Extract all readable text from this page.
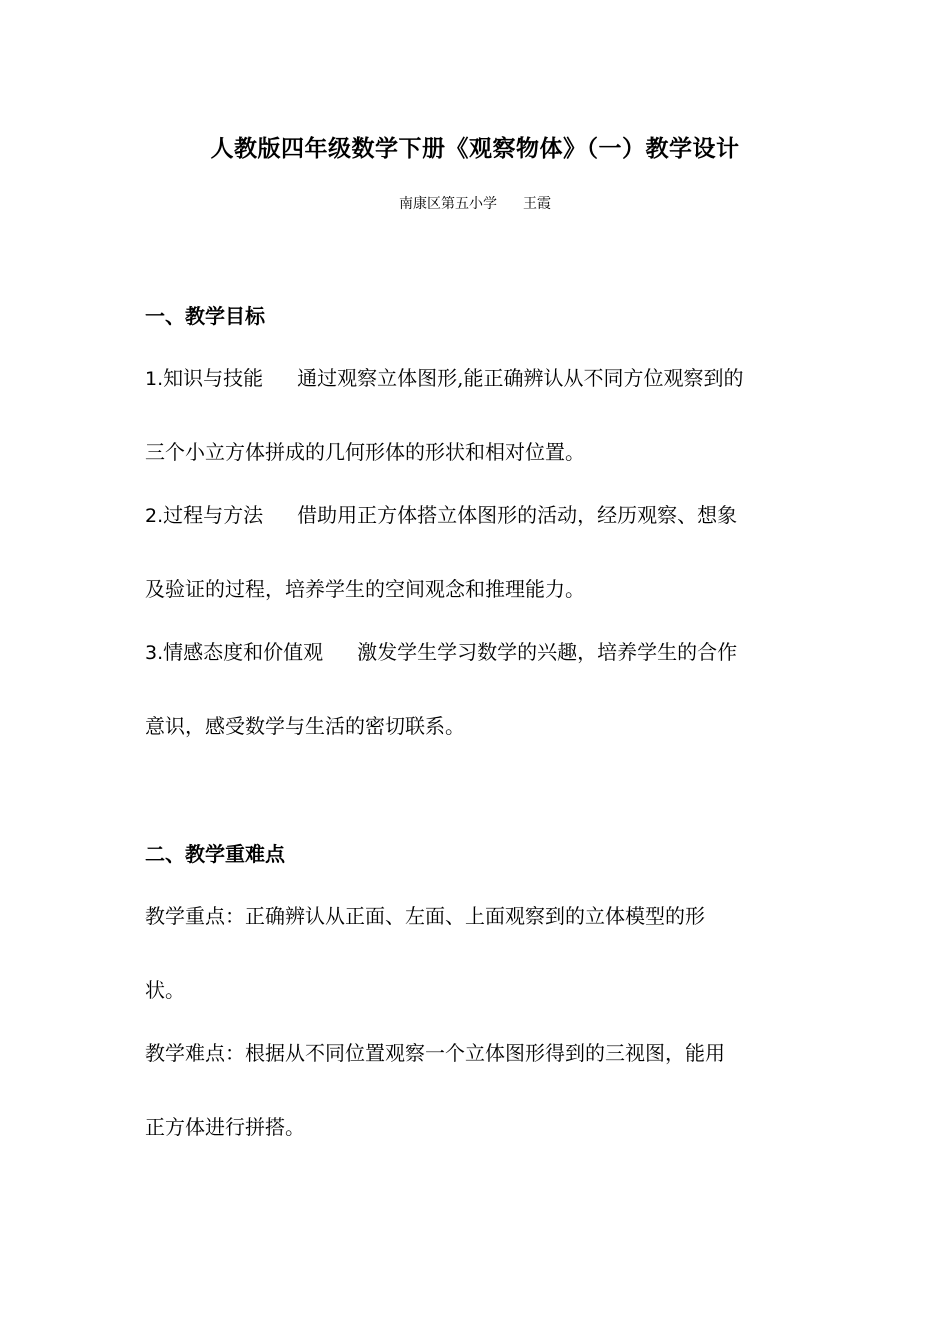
人教版四年级数学下册《观察物体》（一）教学设计
南康区第五小学 王霞
一、教学目标
1.知识与技能 通过观察立体图形,能正确辨认从不同方位观察到的
三个小立方体拼成的几何形体的形状和相对位置。
2.过程与方法 借助用正方体搭立体图形的活动，经历观察、想象
及验证的过程，培养学生的空间观念和推理能力。
3.情感态度和价值观 激发学生学习数学的兴趣，培养学生的合作
意识，感受数学与生活的密切联系。
二、教学重难点
教学重点：正确辨认从正面、左面、上面观察到的立体模型的形
状。
教学难点：根据从不同位置观察一个立体图形得到的三视图，能用
正方体进行拼搭。
